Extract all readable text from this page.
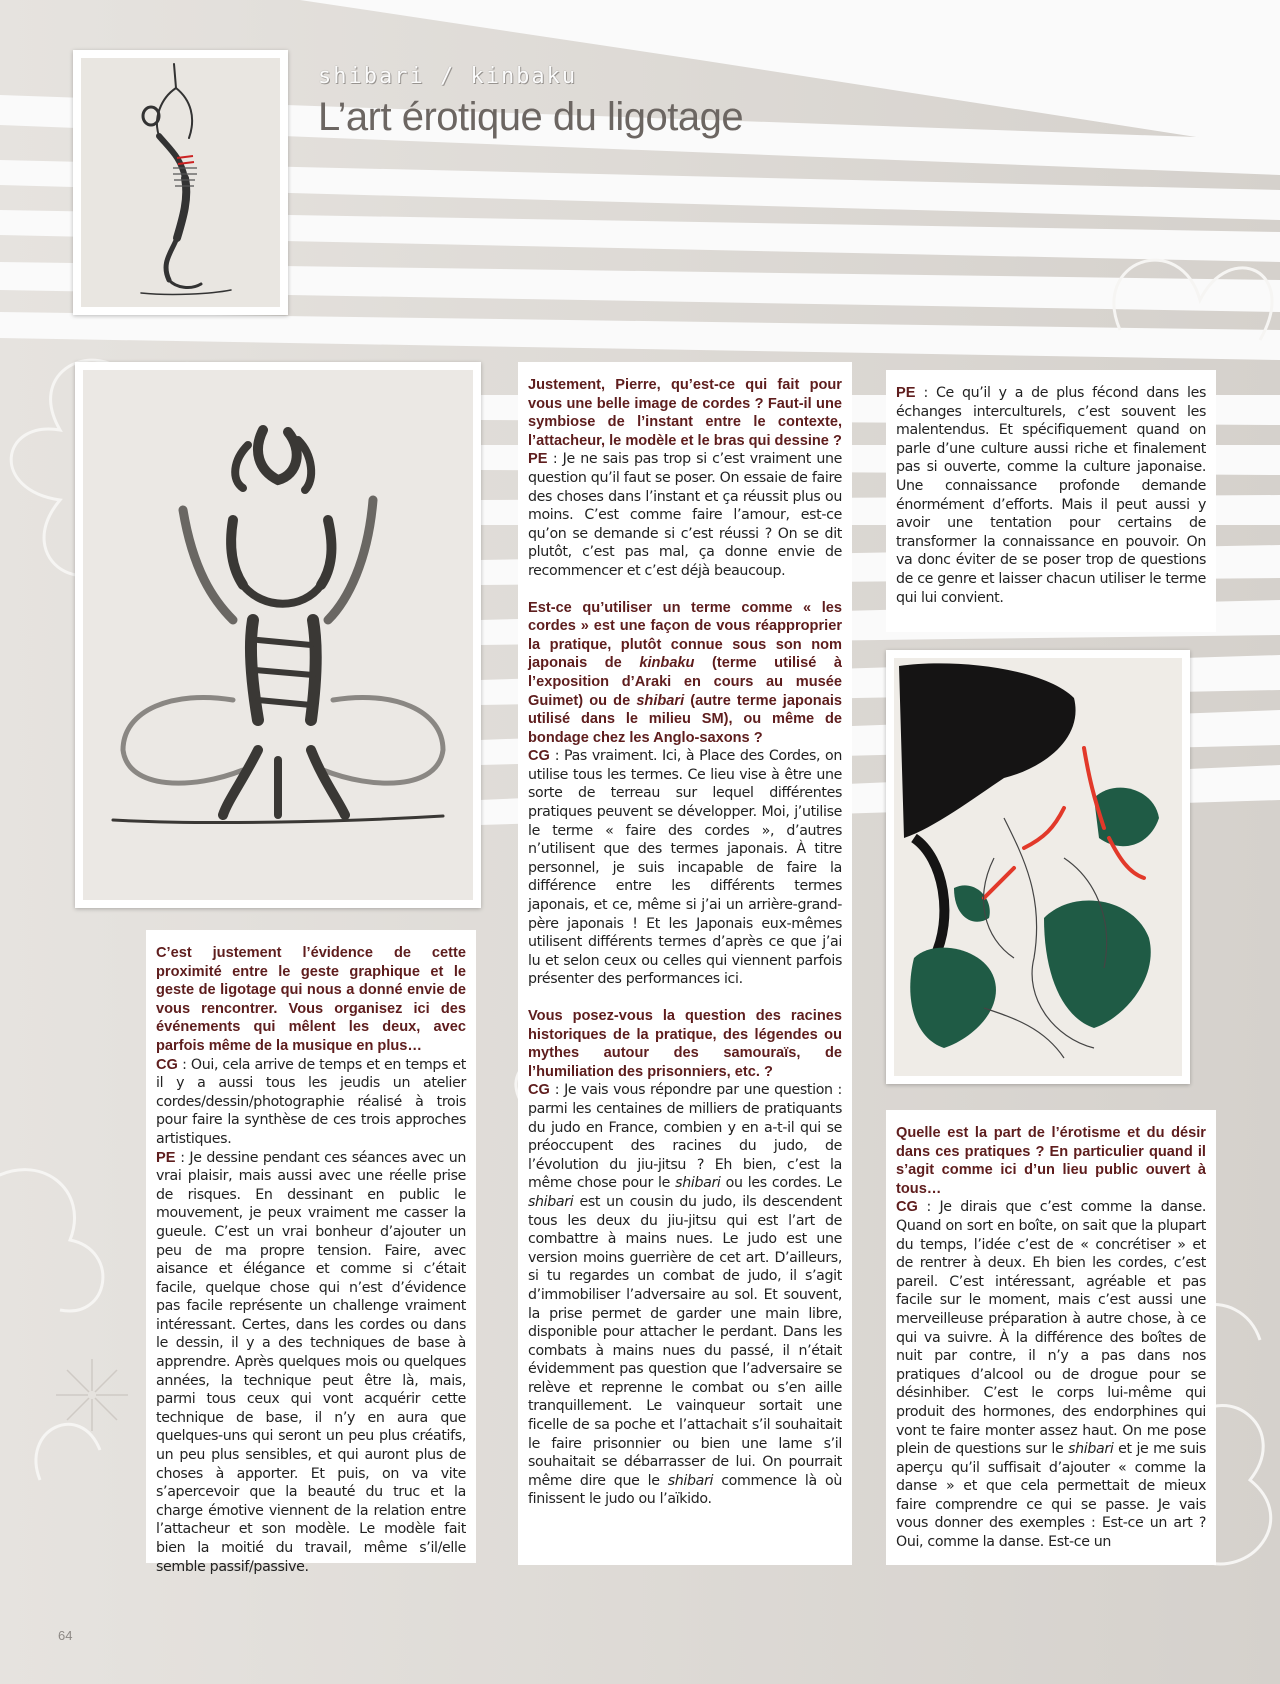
shibari / kinbaku
L’art érotique du ligotage

C’est justement l’évidence de cette proximité entre le geste graphique et le geste de ligotage qui nous a donné envie de vous rencontrer. Vous organisez ici des événements qui mêlent les deux, avec parfois même de la musique en plus…

CG : Oui, cela arrive de temps et en temps et il y a aussi tous les jeudis un atelier cordes/dessin/photographie réalisé à trois pour faire la synthèse de ces trois approches artistiques.

PE : Je dessine pendant ces séances avec un vrai plaisir, mais aussi avec une réelle prise de risques. En dessinant en public le mouvement, je peux vraiment me casser la gueule. C’est un vrai bonheur d’ajouter un peu de ma propre tension. Faire, avec aisance et élégance et comme si c’était facile, quelque chose qui n’est d’évidence pas facile représente un challenge vraiment intéressant. Certes, dans les cordes ou dans le dessin, il y a des techniques de base à apprendre. Après quelques mois ou quelques années, la technique peut être là, mais, parmi tous ceux qui vont acquérir cette technique de base, il n’y en aura que quelques-uns qui seront un peu plus créatifs, un peu plus sensibles, et qui auront plus de choses à apporter. Et puis, on va vite s’apercevoir que la beauté du truc et la charge émotive viennent de la relation entre l’attacheur et son modèle. Le modèle fait bien la moitié du travail, même s’il/elle semble passif/passive.

Justement, Pierre, qu’est-ce qui fait pour vous une belle image de cordes ? Faut-il une symbiose de l’instant entre le contexte, l’attacheur, le modèle et le bras qui dessine ?

PE : Je ne sais pas trop si c’est vraiment une question qu’il faut se poser. On essaie de faire des choses dans l’instant et ça réussit plus ou moins. C’est comme faire l’amour, est-ce qu’on se demande si c’est réussi ? On se dit plutôt, c’est pas mal, ça donne envie de recommencer et c’est déjà beaucoup.

Est-ce qu’utiliser un terme comme « les cordes » est une façon de vous réapproprier la pratique, plutôt connue sous son nom japonais de kinbaku (terme utilisé à l’exposition d’Araki en cours au musée Guimet) ou de shibari (autre terme japonais utilisé dans le milieu SM), ou même de bondage chez les Anglo-saxons ?

CG : Pas vraiment. Ici, à Place des Cordes, on utilise tous les termes. Ce lieu vise à être une sorte de terreau sur lequel différentes pratiques peuvent se développer. Moi, j’utilise le terme « faire des cordes », d’autres n’utilisent que des termes japonais. À titre personnel, je suis incapable de faire la différence entre les différents termes japonais, et ce, même si j’ai un arrière-grand-père japonais ! Et les Japonais eux-mêmes utilisent différents termes d’après ce que j’ai lu et selon ceux ou celles qui viennent parfois présenter des performances ici.

Vous posez-vous la question des racines historiques de la pratique, des légendes ou mythes autour des samouraïs, de l’humiliation des prisonniers, etc. ?

CG : Je vais vous répondre par une question : parmi les centaines de milliers de pratiquants du judo en France, combien y en a-t-il qui se préoccupent des racines du judo, de l’évolution du jiu-jitsu ? Eh bien, c’est la même chose pour le shibari ou les cordes. Le shibari est un cousin du judo, ils descendent tous les deux du jiu-jitsu qui est l’art de combattre à mains nues. Le judo est une version moins guerrière de cet art. D’ailleurs, si tu regardes un combat de judo, il s’agit d’immobiliser l’adversaire au sol. Et souvent, la prise permet de garder une main libre, disponible pour attacher le perdant. Dans les combats à mains nues du passé, il n’était évidemment pas question que l’adversaire se relève et reprenne le combat ou s’en aille tranquillement. Le vainqueur sortait une ficelle de sa poche et l’attachait s’il souhaitait le faire prisonnier ou bien une lame s’il souhaitait se débarrasser de lui. On pourrait même dire que le shibari commence là où finissent le judo ou l’aïkido.

PE : Ce qu’il y a de plus fécond dans les échanges interculturels, c’est souvent les malentendus. Et spécifiquement quand on parle d’une culture aussi riche et finalement pas si ouverte, comme la culture japonaise. Une connaissance profonde demande énormément d’efforts. Mais il peut aussi y avoir une tentation pour certains de transformer la connaissance en pouvoir. On va donc éviter de se poser trop de questions de ce genre et laisser chacun utiliser le terme qui lui convient.

Quelle est la part de l’érotisme et du désir dans ces pratiques ? En particulier quand il s’agit comme ici d’un lieu public ouvert à tous…

CG : Je dirais que c’est comme la danse. Quand on sort en boîte, on sait que la plupart du temps, l’idée c’est de « concrétiser » et de rentrer à deux. Eh bien les cordes, c’est pareil. C’est intéressant, agréable et pas facile sur le moment, mais c’est aussi une merveilleuse préparation à autre chose, à ce qui va suivre. À la différence des boîtes de nuit par contre, il n’y a pas dans nos pratiques d’alcool ou de drogue pour se désinhiber. C’est le corps lui-même qui produit des hormones, des endorphines qui vont te faire monter assez haut. On me pose plein de questions sur le shibari et je me suis aperçu qu’il suffisait d’ajouter « comme la danse » et que cela permettait de mieux faire comprendre ce qui se passe. Je vais vous donner des exemples : Est-ce un art ? Oui, comme la danse. Est-ce un

64
